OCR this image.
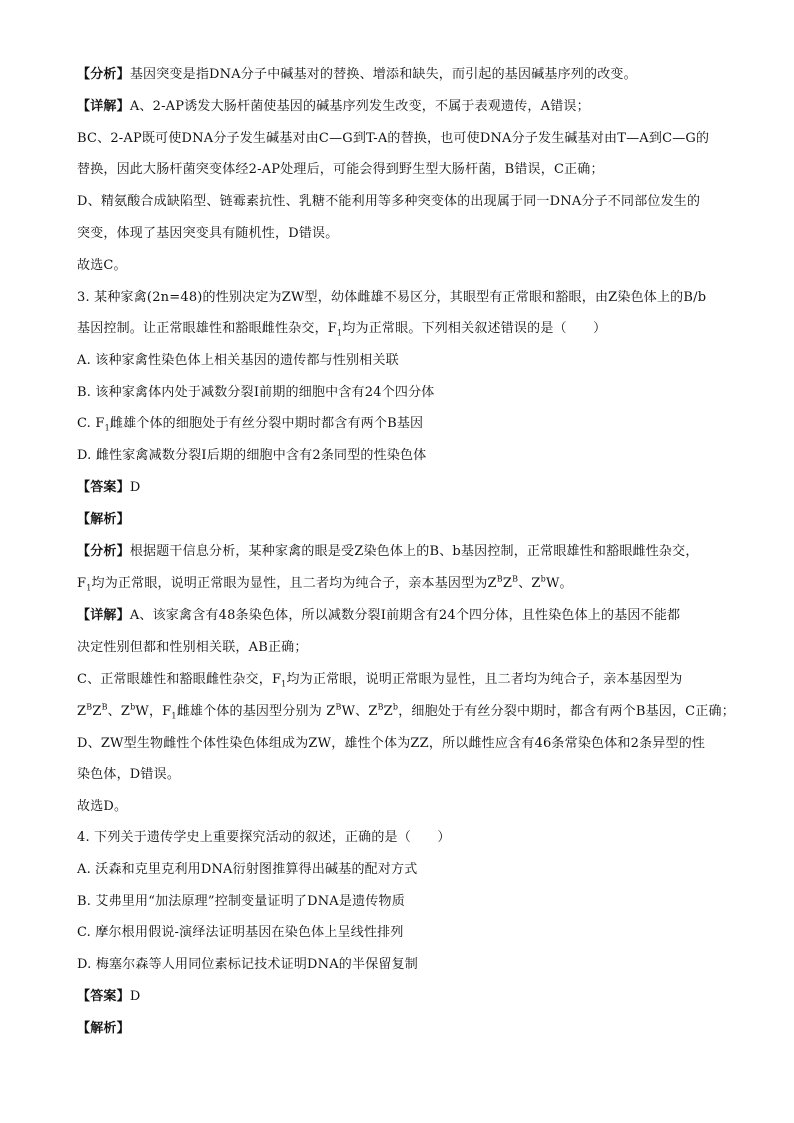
【分析】基因突变是指DNA分子中碱基对的替换、增添和缺失，而引起的基因碱基序列的改变。
【详解】A、2-AP诱发大肠杆菌使基因的碱基序列发生改变，不属于表观遗传，A错误；
BC、2-AP既可使DNA分子发生碱基对由C—G到T-A的替换，也可使DNA分子发生碱基对由T—A到C—G的
替换，因此大肠杆菌突变体经2-AP处理后，可能会得到野生型大肠杆菌，B错误，C正确；
D、精氨酸合成缺陷型、链霉素抗性、乳糖不能利用等多种突变体的出现属于同一DNA分子不同部位发生的
突变，体现了基因突变具有随机性，D错误。
故选C。
3. 某种家禽(2n=48)的性别决定为ZW型，幼体雌雄不易区分，其眼型有正常眼和豁眼，由Z染色体上的B/b
基因控制。让正常眼雄性和豁眼雌性杂交，$F_1$均为正常眼。下列相关叙述错误的是（　　）
A. 该种家禽性染色体上相关基因的遗传都与性别相关联
B. 该种家禽体内处于减数分裂Ⅰ前期的细胞中含有24个四分体
C. $F_1$雌雄个体的细胞处于有丝分裂中期时都含有两个B基因
D. 雌性家禽减数分裂Ⅰ后期的细胞中含有2条同型的性染色体
【答案】D
【解析】
【分析】根据题干信息分析，某种家禽的眼是受Z染色体上的B、b基因控制，正常眼雄性和豁眼雌性杂交，
$F_1$均为正常眼，说明正常眼为显性，且二者均为纯合子，亲本基因型为$Z^BZ^B$、$Z^bW$。
【详解】A、该家禽含有48条染色体，所以减数分裂Ⅰ前期含有24个四分体，且性染色体上的基因不能都
决定性别但都和性别相关联，AB正确；
C、正常眼雄性和豁眼雌性杂交，$F_1$均为正常眼，说明正常眼为显性，且二者均为纯合子，亲本基因型为
$Z^BZ^B$、$Z^bW$，$F_1$雌雄个体的基因型分别为 $Z^BW$、$Z^BZ^b$，细胞处于有丝分裂中期时，都含有两个B基因，C正确；
D、ZW型生物雌性个体性染色体组成为ZW，雄性个体为ZZ，所以雌性应含有46条常染色体和2条异型的性
染色体，D错误。
故选D。
4. 下列关于遗传学史上重要探究活动的叙述，正确的是（　　）
A. 沃森和克里克利用DNA衍射图推算得出碱基的配对方式
B. 艾弗里用“加法原理”控制变量证明了DNA是遗传物质
C. 摩尔根用假说-演绎法证明基因在染色体上呈线性排列
D. 梅塞尔森等人用同位素标记技术证明DNA的半保留复制
【答案】D
【解析】
